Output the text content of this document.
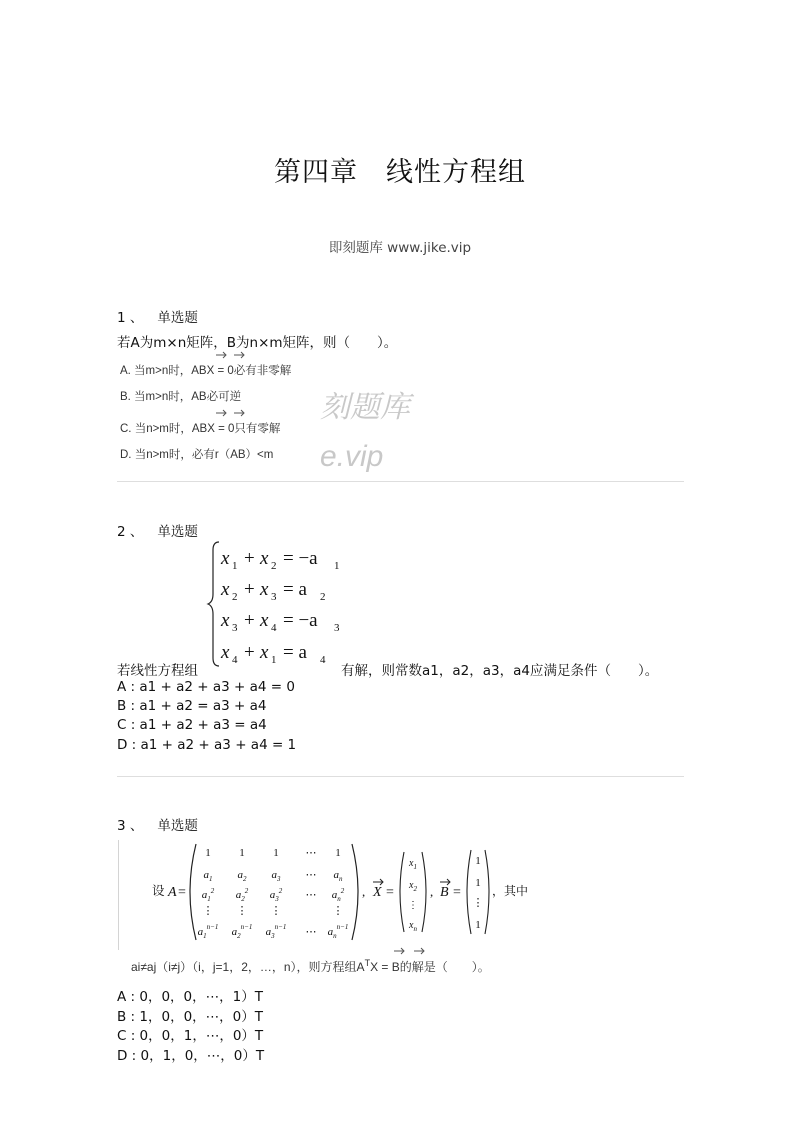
第四章　线性方程组
即刻题库 www.jike.vip
刻题库
e.vip
1 、 单选题
若A为m×n矩阵，B为n×m矩阵，则（　　）。
A. 当m>n时，ABX = 0必有非零解
B. 当m>n时，AB必可逆
C. 当n>m时，ABX = 0只有零解
D. 当n>m时，必有r（AB）<m
2 、 单选题
x 1 + x 2 = −a 1
x 2 + x 3 = a 2
x 3 + x 4 = −a 3
x 4 + x 1 = a 4
若线性方程组	有解，则常数a1，a2，a3，a4应满足条件（　　）。
A : a1 + a2 + a3 + a4 = 0
B : a1 + a2 = a3 + a4
C : a1 + a2 + a3 = a4
D : a1 + a2 + a3 + a4 = 1
3 、 单选题
设 A =
1	1	1 ⋯ 1
$a_1$ $a_2$ $a_3$ ⋯ $a_n$
$a_1^2$ $a_2^2$ $a_3^2$ ⋯ $a_n^2$
⋮ ⋮ ⋮	⋮
$a_1^{n-1}$ $a_2^{n-1}$ $a_3^{n-1}$ ⋯ $a_n^{n-1}$
, X =
$x_1$
$x_2$
⋮
$x_n$
, B =
1
1
⋮
1
，其中
ai≠aj（i≠j）（i，j=1，2，…，n），则方程组$A^TX = B$的解是（　　）。
A : 0，0，0，⋯，1）T
B : 1，0，0，⋯，0）T
C : 0，0，1，⋯，0）T
D : 0，1，0，⋯，0）T
